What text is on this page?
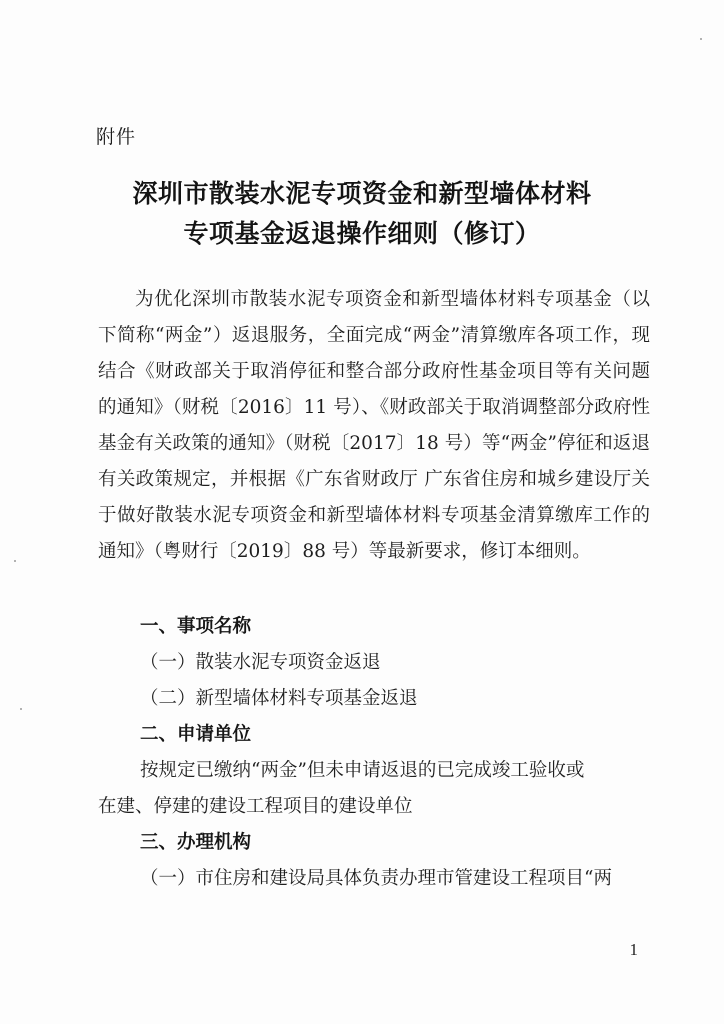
附件
深圳市散装水泥专项资金和新型墙体材料
专项基金返退操作细则（修订）
为优化深圳市散装水泥专项资金和新型墙体材料专项基金（以下简称“两金”）返退服务，全面完成“两金”清算缴库各项工作，现结合《财政部关于取消停征和整合部分政府性基金项目等有关问题的通知》（财税〔2016〕11 号）、《财政部关于取消调整部分政府性基金有关政策的通知》（财税〔2017〕18 号）等“两金”停征和返退有关政策规定，并根据《广东省财政厅 广东省住房和城乡建设厅关于做好散装水泥专项资金和新型墙体材料专项基金清算缴库工作的通知》（粤财行〔2019〕88 号）等最新要求，修订本细则。
一、事项名称
（一）散装水泥专项资金返退
（二）新型墙体材料专项基金返退
二、申请单位
按规定已缴纳“两金”但未申请返退的已完成竣工验收或
在建、停建的建设工程项目的建设单位
三、办理机构
（一）市住房和建设局具体负责办理市管建设工程项目“两
1
